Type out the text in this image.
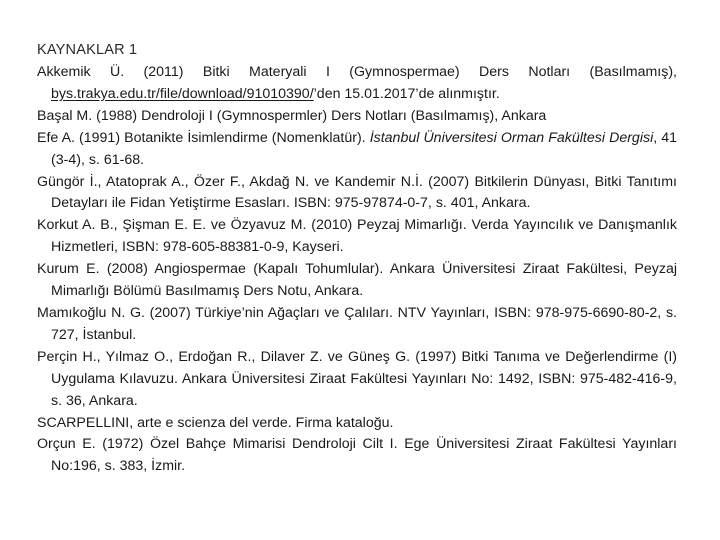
KAYNAKLAR 1

Akkemik Ü. (2011) Bitki Materyali I (Gymnospermae) Ders Notları (Basılmamış), bys.trakya.edu.tr/file/download/91010390/’den 15.01.2017’de alınmıştır.

Başal M. (1988) Dendroloji I (Gymnospermler) Ders Notları (Basılmamış), Ankara

Efe A. (1991) Botanikte İsimlendirme (Nomenklatür). İstanbul Üniversitesi Orman Fakültesi Dergisi, 41 (3-4), s. 61-68.

Güngör İ., Atatoprak A., Özer F., Akdağ N. ve Kandemir N.İ. (2007) Bitkilerin Dünyası, Bitki Tanıtımı Detayları ile Fidan Yetiştirme Esasları. ISBN: 975-97874-0-7, s. 401, Ankara.

Korkut A. B., Şişman E. E. ve Özyavuz M. (2010) Peyzaj Mimarlığı. Verda Yayıncılık ve Danışmanlık Hizmetleri, ISBN: 978-605-88381-0-9, Kayseri.

Kurum E. (2008) Angiospermae (Kapalı Tohumlular). Ankara Üniversitesi Ziraat Fakültesi, Peyzaj Mimarlığı Bölümü Basılmamış Ders Notu, Ankara.

Mamıkoğlu N. G. (2007) Türkiye’nin Ağaçları ve Çalıları. NTV Yayınları, ISBN: 978-975-6690-80-2, s. 727, İstanbul.

Perçin H., Yılmaz O., Erdoğan R., Dilaver Z. ve Güneş G. (1997) Bitki Tanıma ve Değerlendirme (I) Uygulama Kılavuzu. Ankara Üniversitesi Ziraat Fakültesi Yayınları No: 1492, ISBN: 975-482-416-9, s. 36, Ankara.

SCARPELLINI, arte e scienza del verde. Firma kataloğu.

Orçun E. (1972) Özel Bahçe Mimarisi Dendroloji Cilt I. Ege Üniversitesi Ziraat Fakültesi Yayınları No:196, s. 383, İzmir.
